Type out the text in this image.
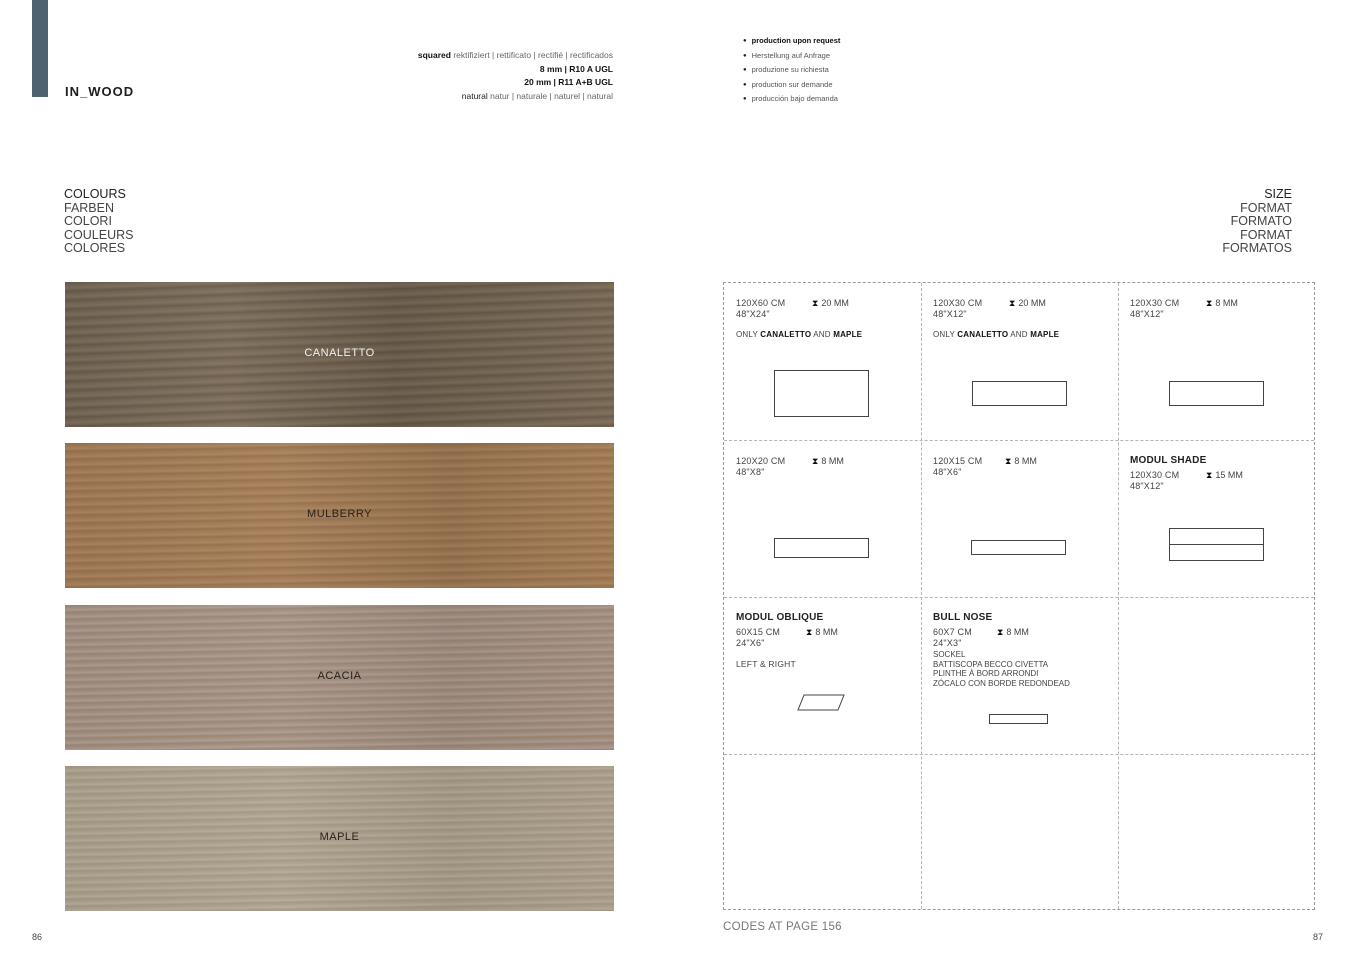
IN_WOOD
squared rektifiziert | rettificato | rectifié | rectificados
8 mm | R10 A UGL
20 mm | R11 A+B UGL
natural natur | naturale | naturel | natural
● production upon request
● Herstellung auf Anfrage
● produzione su richiesta
● production sur demande
● producción bajo demanda
COLOURS
FARBEN
COLORI
COULEURS
COLORES
SIZE
FORMAT
FORMATO
FORMAT
FORMATOS
CANALETTO
MULBERRY
ACACIA
MAPLE
120X60 CM
48"X24"
⧗ 20 MM
ONLY CANALETTO AND MAPLE
120X30 CM
48"X12"
⧗ 20 MM
ONLY CANALETTO AND MAPLE
120X30 CM
48"X12"
⧗ 8 MM
120X20 CM
48"X8"
⧗ 8 MM	120X15 CM
48"X6"
⧗ 8 MM	MODUL SHADE
120X30 CM
48"X12"
⧗ 15 MM
MODUL OBLIQUE
60X15 CM
24"X6"
⧗ 8 MM
LEFT & RIGHT
BULL NOSE
60X7 CM
24"X3"
⧗ 8 MM
SOCKEL
BATTISCOPA BECCO CIVETTA
PLINTHE À BORD ARRONDI
ZÓCALO CON BORDE REDONDEAD
CODES AT PAGE 156
86	87
